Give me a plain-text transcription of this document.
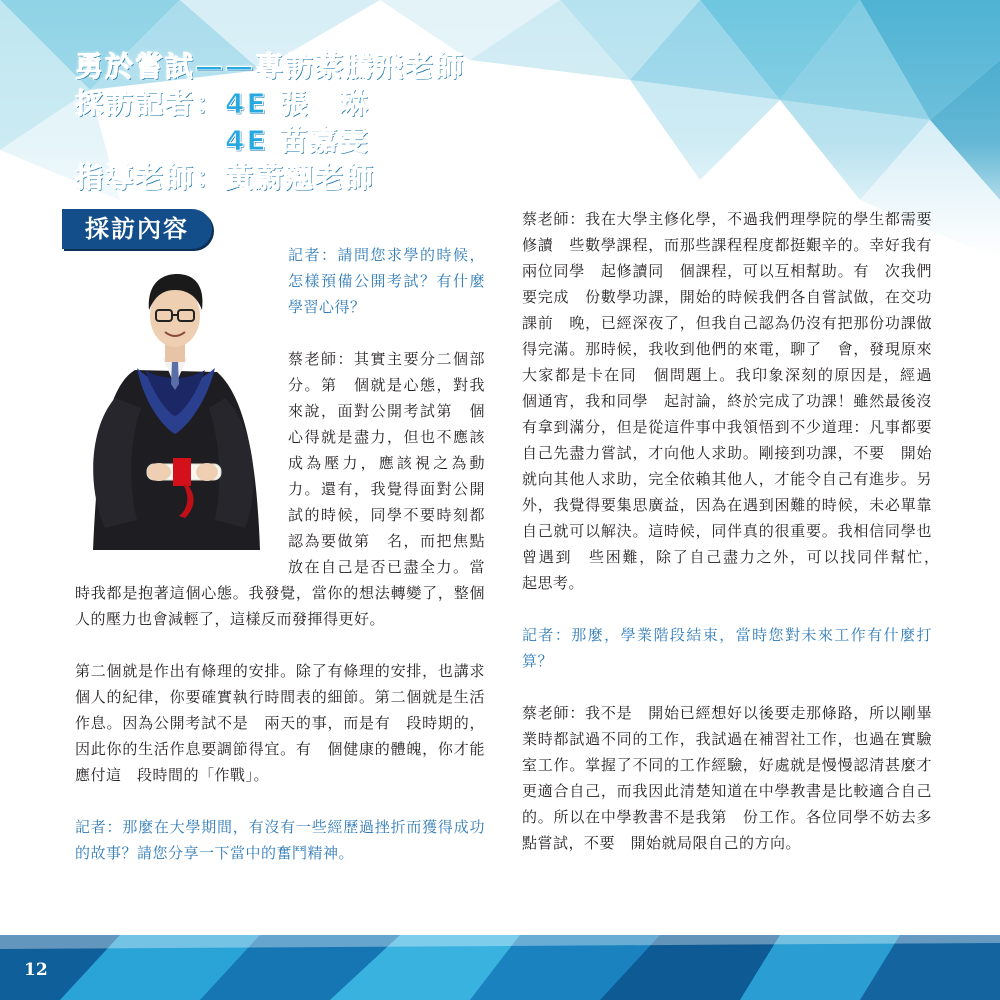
勇於嘗試——專訪蔡騰飛老師
採訪記者：4E 張　琳
4E 苗嘉雯
指導老師：黃蔚翹老師
採訪內容

記者：請問您求學的時候，怎樣預備公開考試？有什麼學習心得？

蔡老師：其實主要分二個部分。第　個就是心態，對我來說，面對公開考試第　個心得就是盡力，但也不應該成為壓力，應該視之為動力。還有，我覺得面對公開試的時候，同學不要時刻都認為要做第　名，而把焦點放在自己是否已盡全力。當時我都是抱著這個心態。我發覺，當你的想法轉變了，整個人的壓力也會減輕了，這樣反而發揮得更好。

第二個就是作出有條理的安排。除了有條理的安排，也講求個人的紀律，你要確實執行時間表的細節。第二個就是生活作息。因為公開考試不是　兩天的事，而是有　段時期的，因此你的生活作息要調節得宜。有　個健康的體魄，你才能應付這　段時間的「作戰」。

記者：那麼在大學期間，有沒有一些經歷過挫折而獲得成功的故事？請您分享一下當中的奮鬥精神。

蔡老師：我在大學主修化學，不過我們理學院的學生都需要修讀　些數學課程，而那些課程程度都挺艱辛的。幸好我有兩位同學　起修讀同　個課程，可以互相幫助。有　次我們要完成　份數學功課，開始的時候我們各自嘗試做，在交功課前　晚，已經深夜了，但我自己認為仍沒有把那份功課做得完滿。那時候，我收到他們的來電，聊了　會，發現原來大家都是卡在同　個問題上。我印象深刻的原因是，經過　個通宵，我和同學　起討論，終於完成了功課！雖然最後沒有拿到滿分，但是從這件事中我領悟到不少道理：凡事都要自己先盡力嘗試，才向他人求助。剛接到功課，不要　開始就向其他人求助，完全依賴其他人，才能令自己有進步。另外，我覺得要集思廣益，因為在遇到困難的時候，未必單靠自己就可以解決。這時候，同伴真的很重要。我相信同學也曾遇到　些困難，除了自己盡力之外，可以找同伴幫忙，　起思考。

記者：那麼，學業階段結束，當時您對未來工作有什麼打算？

蔡老師：我不是　開始已經想好以後要走那條路，所以剛畢業時都試過不同的工作，我試過在補習社工作，也過在實驗室工作。掌握了不同的工作經驗，好處就是慢慢認清甚麼才更適合自己，而我因此清楚知道在中學教書是比較適合自己的。所以在中學教書不是我第　份工作。各位同學不妨去多點嘗試，不要　開始就局限自己的方向。

12
